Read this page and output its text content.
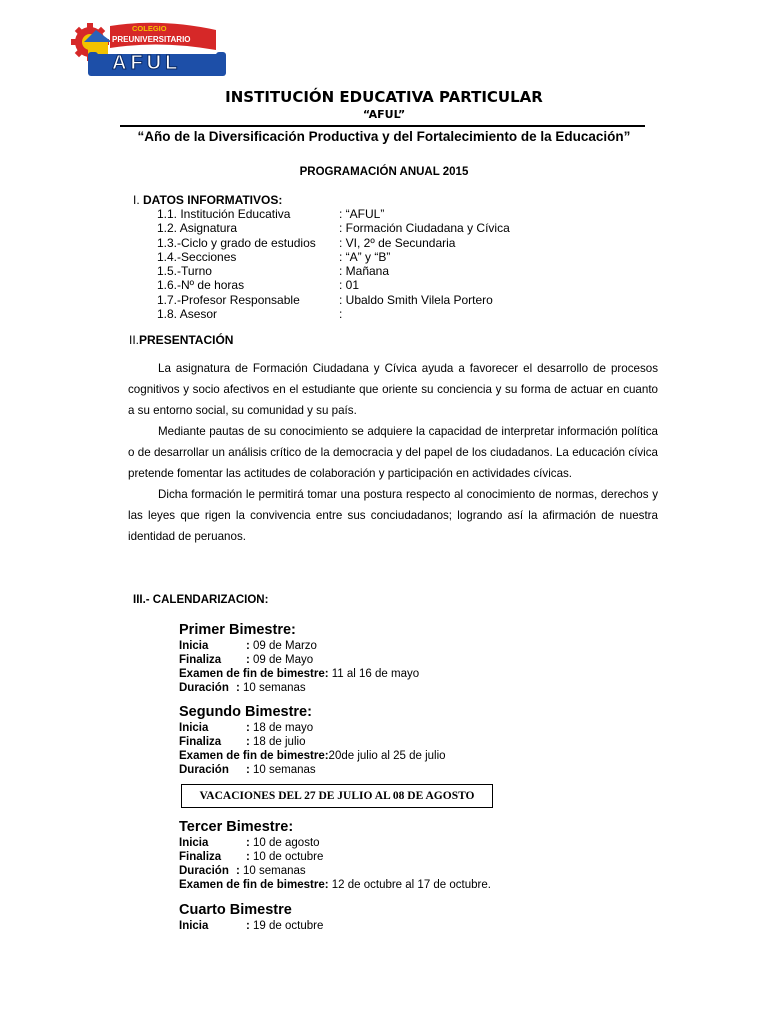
COLEGIO
PREUNIVERSITARIO
AFUL
INSTITUCIÓN EDUCATIVA PARTICULAR
“AFUL”
“Año de la Diversificación Productiva y del Fortalecimiento de la Educación”
PROGRAMACIÓN ANUAL 2015
I. DATOS INFORMATIVOS:
1.1. Institución Educativa	: “AFUL”
1.2. Asignatura	: Formación Ciudadana y Cívica
1.3.-Ciclo y grado de estudios	: VI, 2º de Secundaria
1.4.-Secciones	: “A” y “B”
1.5.-Turno	: Mañana
1.6.-Nº de horas	: 01
1.7.-Profesor Responsable	: Ubaldo Smith Vilela Portero
1.8. Asesor	:
II.PRESENTACIÓN

La asignatura de Formación Ciudadana y Cívica ayuda a favorecer el desarrollo de procesos cognitivos y socio afectivos en el estudiante que oriente su conciencia y su forma de actuar en cuanto a su entorno social, su comunidad y su país.

Mediante pautas de su conocimiento se adquiere la capacidad de interpretar información política o de desarrollar un análisis crítico de la democracia y del papel de los ciudadanos. La educación cívica pretende fomentar las actitudes de colaboración y participación en actividades cívicas.

Dicha formación le permitirá tomar una postura respecto al conocimiento de normas, derechos y las leyes que rigen la convivencia entre sus conciudadanos; logrando así la afirmación de nuestra identidad de peruanos.

III.- CALENDARIZACION:
Primer Bimestre:
Inicia	: 09 de Marzo
Finaliza : 09 de Mayo
Examen de fin de bimestre: 11 al 16 de mayo
Duración : 10 semanas
Segundo Bimestre:
Inicia	: 18 de mayo
Finaliza : 18 de julio
Examen de fin de bimestre:20de julio al 25 de julio
Duración : 10 semanas
VACACIONES DEL 27 DE JULIO AL 08 DE AGOSTO
Tercer Bimestre:
Inicia	: 10 de agosto
Finaliza : 10 de octubre
Duración : 10 semanas
Examen de fin de bimestre: 12 de octubre al 17 de octubre.
Cuarto Bimestre
Inicia	: 19 de octubre
